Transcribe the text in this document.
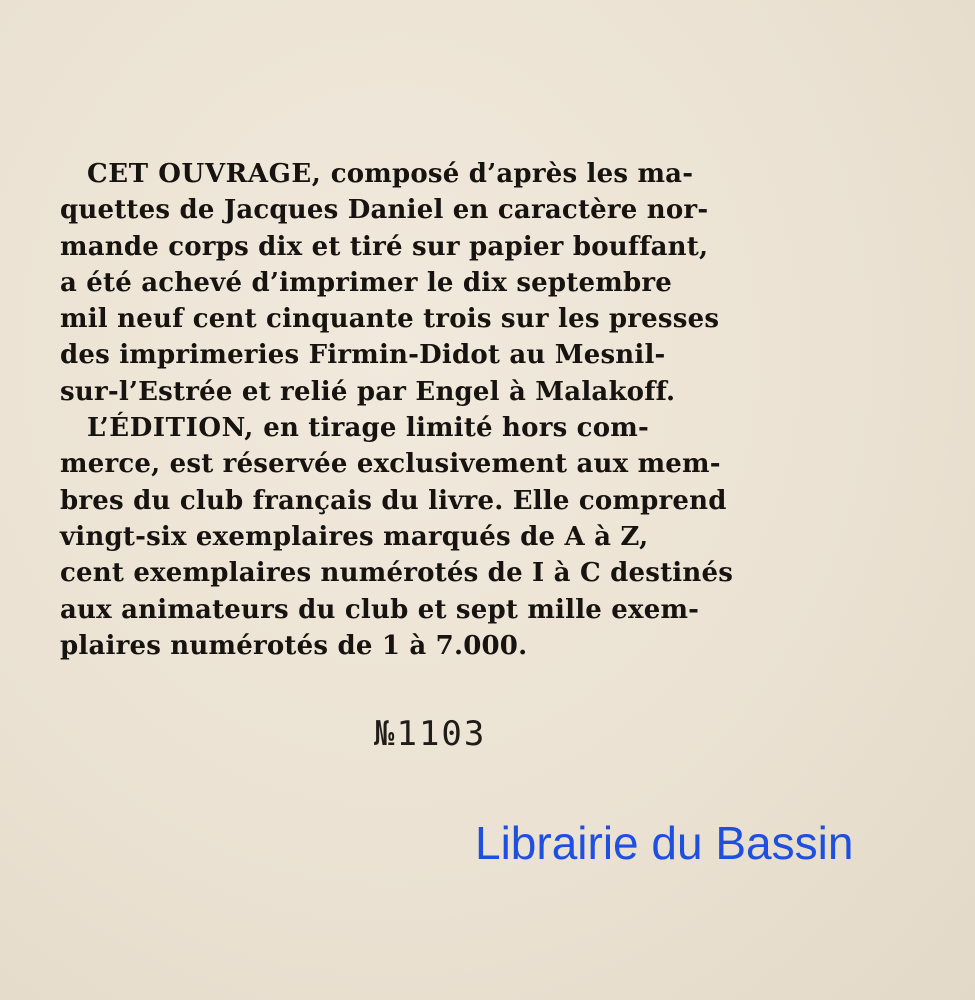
CET OUVRAGE, composé d’après les ma-
quettes de Jacques Daniel en caractère nor-
mande corps dix et tiré sur papier bouffant,
a été achevé d’imprimer le dix septembre
mil neuf cent cinquante trois sur les presses
des imprimeries Firmin-Didot au Mesnil-
sur-l’Estrée et relié par Engel à Malakoff.
L’ÉDITION, en tirage limité hors com-
merce, est réservée exclusivement aux mem-
bres du club français du livre. Elle comprend
vingt-six exemplaires marqués de A à Z,
cent exemplaires numérotés de I à C destinés
aux animateurs du club et sept mille exem-
plaires numérotés de 1 à 7.000.
№1103
Librairie du Bassin
